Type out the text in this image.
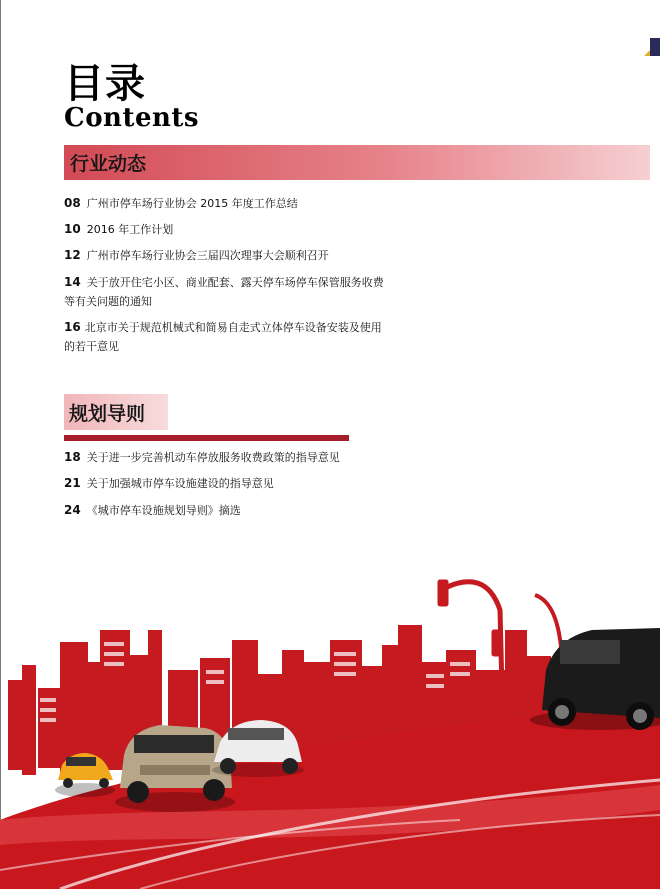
目录
Contents
行业动态
08 广州市停车场行业协会 2015 年度工作总结
10 2016 年工作计划
12 广州市停车场行业协会三届四次理事大会顺利召开
14 关于放开住宅小区、商业配套、露天停车场停车保管服务收费
等有关问题的通知
16 北京市关于规范机械式和简易自走式立体停车设备安装及使用
的若干意见
规划导则
18 关于进一步完善机动车停放服务收费政策的指导意见
21 关于加强城市停车设施建设的指导意见
24 《城市停车设施规划导则》摘选
